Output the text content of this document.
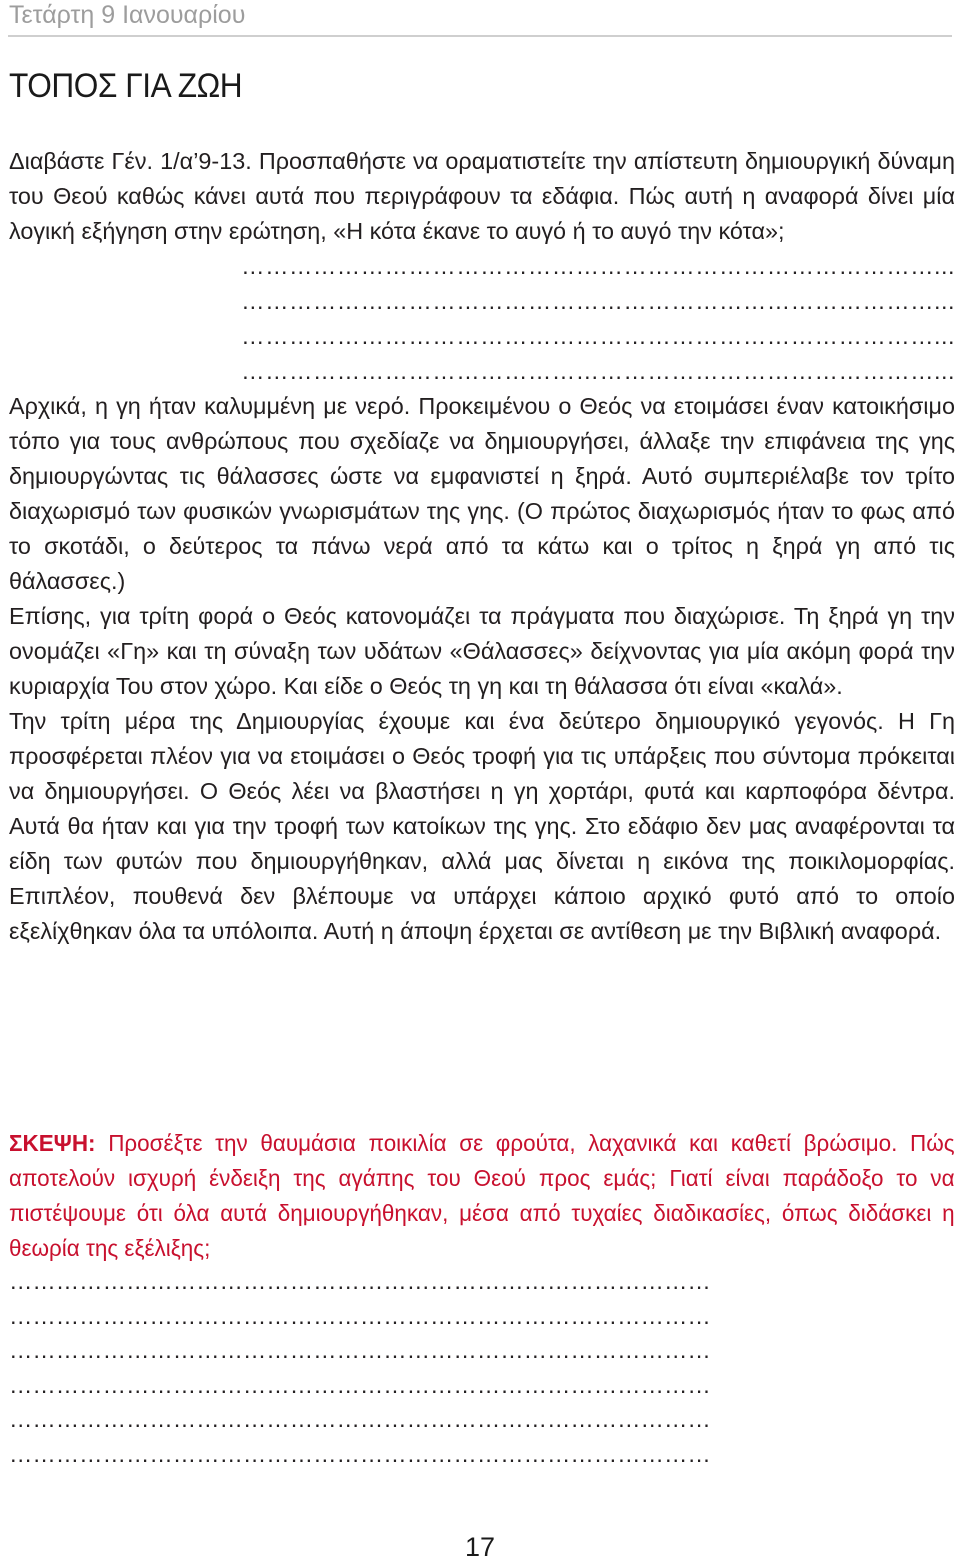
Τετάρτη 9 Ιανουαρίου
ΤΟΠΟΣ ΓΙΑ ΖΩΗ

Διαβάστε Γέν. 1/α’9-13. Προσπαθήστε να οραματιστείτε την απίστευτη δημιουργική δύναμη του Θεού καθώς κάνει αυτά που περιγράφουν τα εδάφια. Πώς αυτή η αναφορά δίνει μία λογική εξήγηση στην ερώτηση, «Η κότα έκανε το αυγό ή το αυγό την κότα»;

……………………………………………………………………………...

……………………………………………………………………………...

……………………………………………………………………………...

……………………………………………………………………………...

Αρχικά, η γη ήταν καλυμμένη με νερό. Προκειμένου ο Θεός να ετοιμάσει έναν κατοικήσιμο τόπο για τους ανθρώπους που σχεδίαζε να δημιουργήσει, άλλαξε την επιφάνεια της γης δημιουργώντας τις θάλασσες ώστε να εμφανιστεί η ξηρά. Αυτό συμπεριέλαβε τον τρίτο διαχωρισμό των φυσικών γνωρισμάτων της γης. (Ο πρώτος διαχωρισμός ήταν το φως από το σκοτάδι, ο δεύτερος τα πάνω νερά από τα κάτω και ο τρίτος η ξηρά γη από τις θάλασσες.)

Επίσης, για τρίτη φορά ο Θεός κατονομάζει τα πράγματα που διαχώρισε. Τη ξηρά γη την ονομάζει «Γη» και τη σύναξη των υδάτων «Θάλασσες» δείχνοντας για μία ακόμη φορά την κυριαρχία Του στον χώρο. Και είδε ο Θεός τη γη και τη θάλασσα ότι είναι «καλά».

Την τρίτη μέρα της Δημιουργίας έχουμε και ένα δεύτερο δημιουργικό γεγονός. Η Γη προσφέρεται πλέον για να ετοιμάσει ο Θεός τροφή για τις υπάρξεις που σύντομα πρόκειται να δημιουργήσει. Ο Θεός λέει να βλαστήσει η γη χορτάρι, φυτά και καρποφόρα δέντρα. Αυτά θα ήταν και για την τροφή των κατοίκων της γης. Στο εδάφιο δεν μας αναφέρονται τα είδη των φυτών που δημιουργήθηκαν, αλλά μας δίνεται η εικόνα της ποικιλομορφίας. Επιπλέον, πουθενά δεν βλέπουμε να υπάρχει κάποιο αρχικό φυτό από το οποίο εξελίχθηκαν όλα τα υπόλοιπα. Αυτή η άποψη έρχεται σε αντίθεση με την Βιβλική αναφορά.

ΣΚΕΨΗ: Προσέξτε την θαυμάσια ποικιλία σε φρούτα, λαχανικά και καθετί βρώσιμο. Πώς αποτελούν ισχυρή ένδειξη της αγάπης του Θεού προς εμάς; Γιατί είναι παράδοξο το να πιστέψουμε ότι όλα αυτά δημιουργήθηκαν, μέσα από τυχαίες διαδικασίες, όπως διδάσκει η θεωρία της εξέλιξης;

………………………………………………………………………………

………………………………………………………………………………

………………………………………………………………………………

………………………………………………………………………………

………………………………………………………………………………

………………………………………………………………………………

17
